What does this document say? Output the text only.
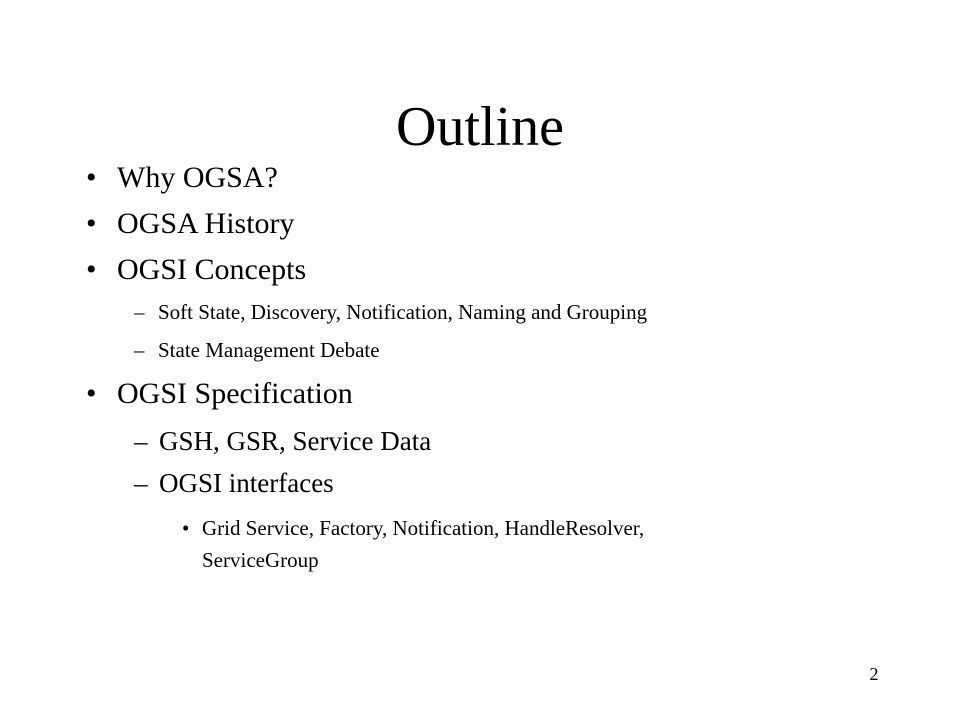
Outline
• Why OGSA?
• OGSA History
• OGSI Concepts
– Soft State, Discovery, Notification, Naming and Grouping
– State Management Debate
• OGSI Specification
– GSH, GSR, Service Data
– OGSI interfaces
• Grid Service, Factory, Notification, HandleResolver,
ServiceGroup
2
